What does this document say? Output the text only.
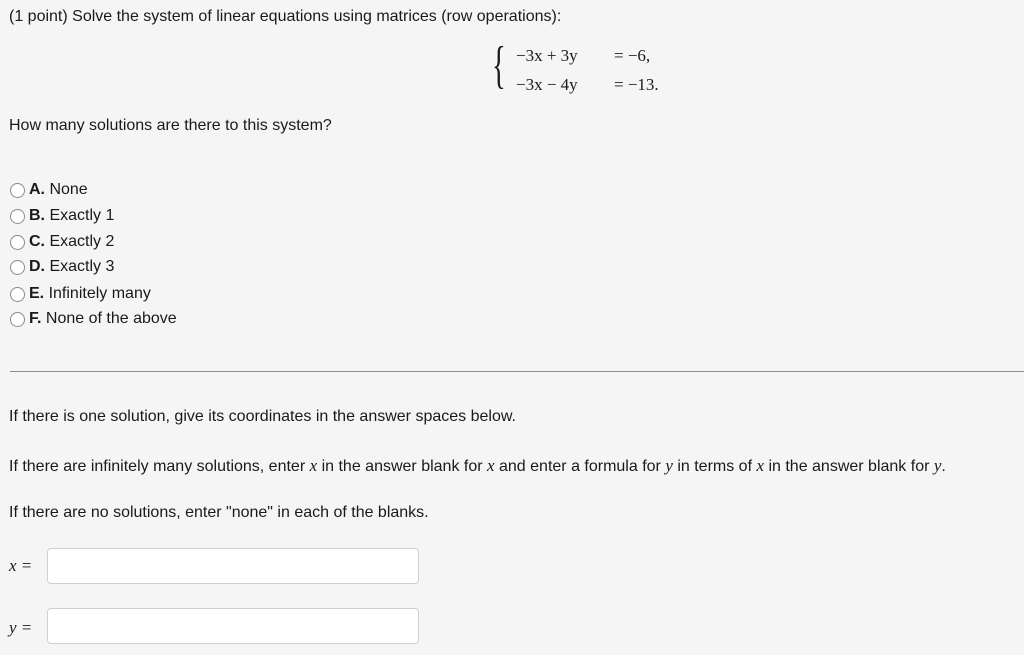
(1 point) Solve the system of linear equations using matrices (row operations):
{ −3x + 3y = −6,
−3x − 4y = −13.
How many solutions are there to this system?
A.
None
B.
Exactly 1
C.
Exactly 2
D.
Exactly 3
E.
Infinitely many
F.
None of the above
If there is one solution, give its coordinates in the answer spaces below.
If there are infinitely many solutions, enter x in the answer blank for x and enter a formula for y in terms of x in the answer blank for y.
If there are no solutions, enter "none" in each of the blanks.
x =
y =
